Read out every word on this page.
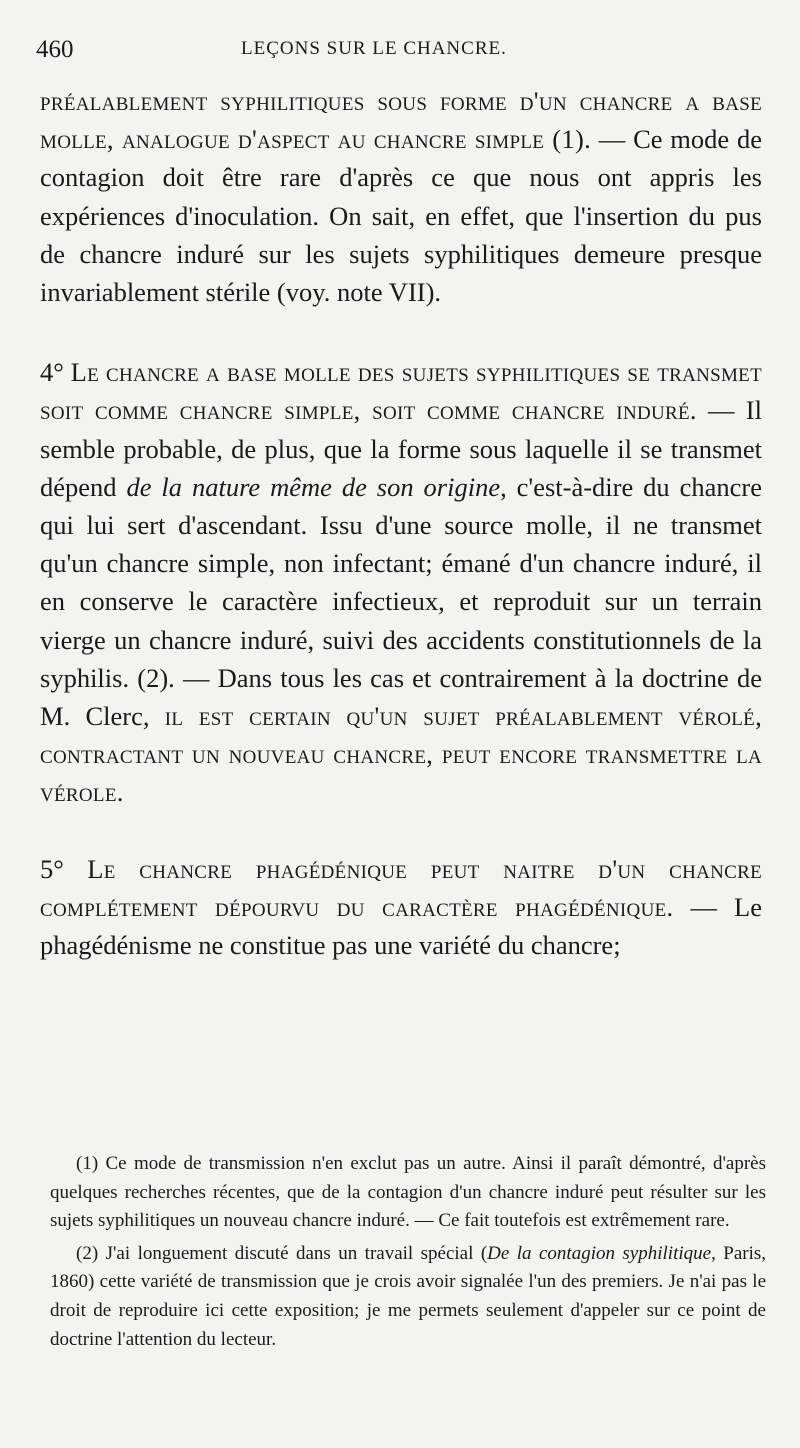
460	LEÇONS SUR LE CHANCRE.

préalablement syphilitiques sous forme d'un chancre a base molle, analogue d'aspect au chancre simple (1). — Ce mode de contagion doit être rare d'après ce que nous ont appris les expériences d'inoculation. On sait, en effet, que l'insertion du pus de chancre induré sur les sujets syphilitiques demeure presque invariablement stérile (voy. note VII).

4° Le chancre a base molle des sujets syphilitiques se transmet soit comme chancre simple, soit comme chancre induré. — Il semble probable, de plus, que la forme sous laquelle il se transmet dépend de la nature même de son origine, c'est-à-dire du chancre qui lui sert d'ascendant. Issu d'une source molle, il ne transmet qu'un chancre simple, non infectant; émané d'un chancre induré, il en conserve le caractère infectieux, et reproduit sur un terrain vierge un chancre induré, suivi des accidents constitutionnels de la syphilis. (2). — Dans tous les cas et contrairement à la doctrine de M. Clerc, il est certain qu'un sujet préalablement vérolé, contractant un nouveau chancre, peut encore transmettre la vérole.

5° Le chancre phagédénique peut naitre d'un chancre complétement dépourvu du caractère phagédénique. — Le phagédénisme ne constitue pas une variété du chancre;

(1) Ce mode de transmission n'en exclut pas un autre. Ainsi il paraît démontré, d'après quelques recherches récentes, que de la contagion d'un chancre induré peut résulter sur les sujets syphilitiques un nouveau chancre induré. — Ce fait toutefois est extrêmement rare.

(2) J'ai longuement discuté dans un travail spécial (De la contagion syphilitique, Paris, 1860) cette variété de transmission que je crois avoir signalée l'un des premiers. Je n'ai pas le droit de reproduire ici cette exposition; je me permets seulement d'appeler sur ce point de doctrine l'attention du lecteur.
